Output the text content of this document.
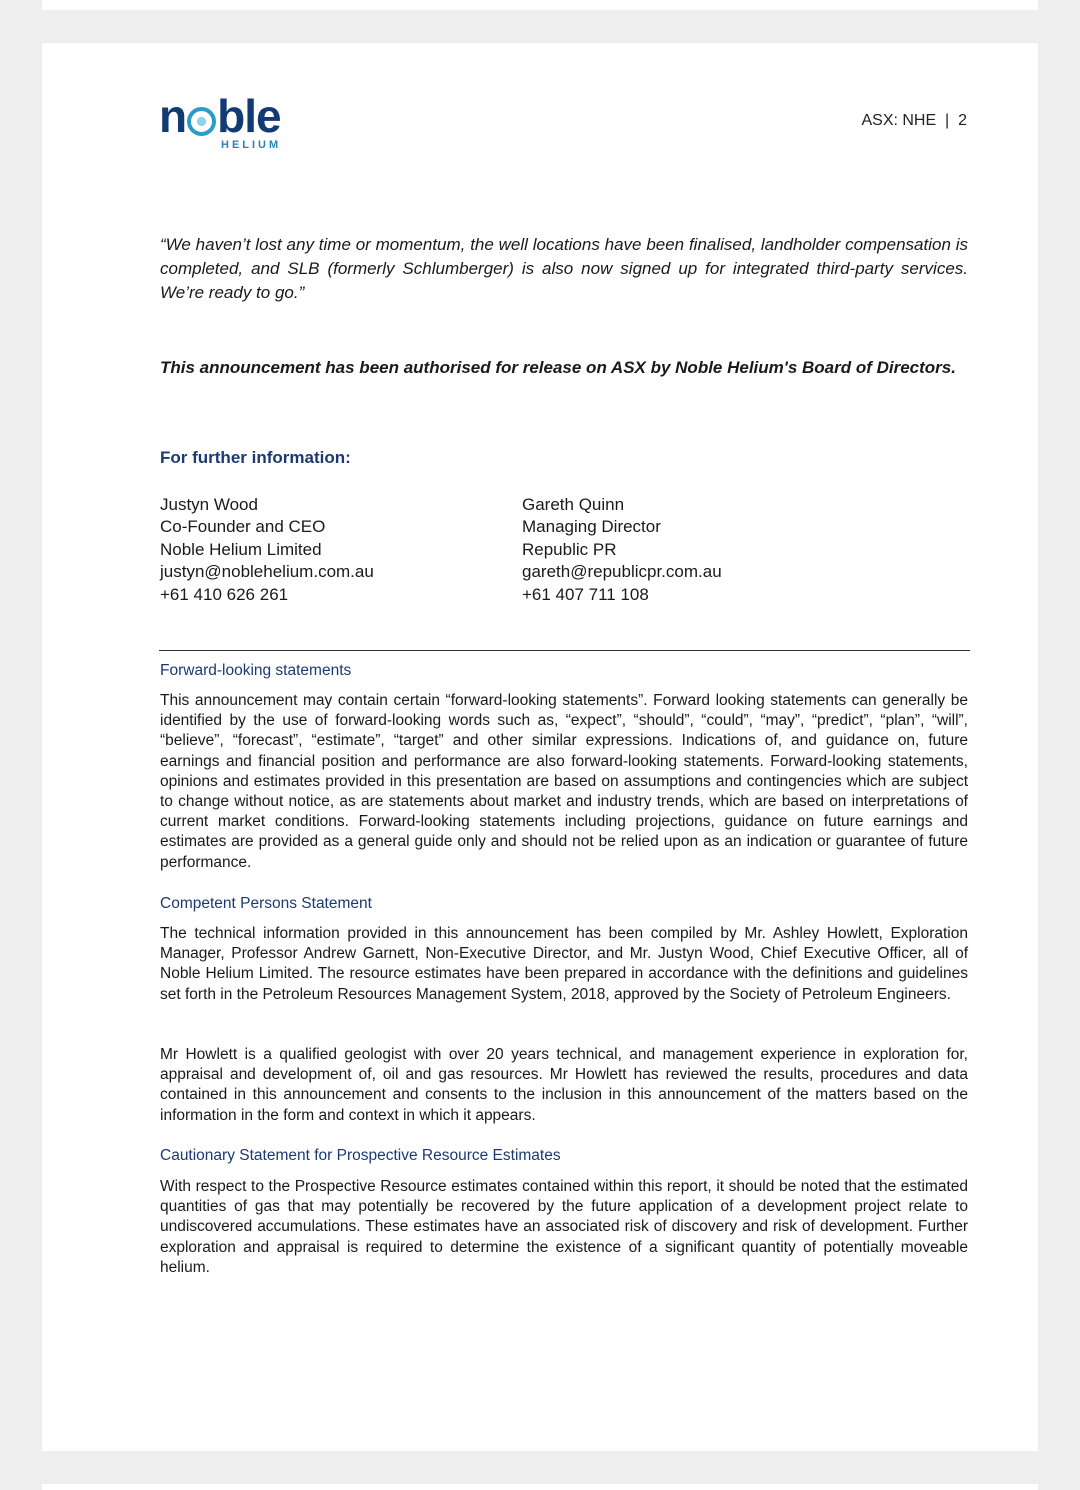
n ble
HELIUM
ASX: NHE  |  2
“We haven’t lost any time or momentum, the well locations have been finalised, landholder compensation is completed, and SLB (formerly Schlumberger) is also now signed up for integrated third-party services. We’re ready to go.”
This announcement has been authorised for release on ASX by Noble Helium's Board of Directors.
For further information:
Justyn Wood
Co-Founder and CEO
Noble Helium Limited
justyn@noblehelium.com.au
+61 410 626 261
Gareth Quinn
Managing Director
Republic PR
gareth@republicpr.com.au
+61 407 711 108
Forward-looking statements
This announcement may contain certain “forward-looking statements”. Forward looking statements can generally be identified by the use of forward-looking words such as, “expect”, “should”, “could”, “may”, “predict”, “plan”, “will”, “believe”, “forecast”, “estimate”, “target” and other similar expressions. Indications of, and guidance on, future earnings and financial position and performance are also forward-looking statements. Forward-looking statements, opinions and estimates provided in this presentation are based on assumptions and contingencies which are subject to change without notice, as are statements about market and industry trends, which are based on interpretations of current market conditions. Forward-looking statements including projections, guidance on future earnings and estimates are provided as a general guide only and should not be relied upon as an indication or guarantee of future performance.
Competent Persons Statement
The technical information provided in this announcement has been compiled by Mr. Ashley Howlett, Exploration Manager, Professor Andrew Garnett, Non-Executive Director, and Mr. Justyn Wood, Chief Executive Officer, all of Noble Helium Limited. The resource estimates have been prepared in accordance with the definitions and guidelines set forth in the Petroleum Resources Management System, 2018, approved by the Society of Petroleum Engineers.
Mr Howlett is a qualified geologist with over 20 years technical, and management experience in exploration for, appraisal and development of, oil and gas resources. Mr Howlett has reviewed the results, procedures and data contained in this announcement and consents to the inclusion in this announcement of the matters based on the information in the form and context in which it appears.
Cautionary Statement for Prospective Resource Estimates
With respect to the Prospective Resource estimates contained within this report, it should be noted that the estimated quantities of gas that may potentially be recovered by the future application of a development project relate to undiscovered accumulations. These estimates have an associated risk of discovery and risk of development. Further exploration and appraisal is required to determine the existence of a significant quantity of potentially moveable helium.
